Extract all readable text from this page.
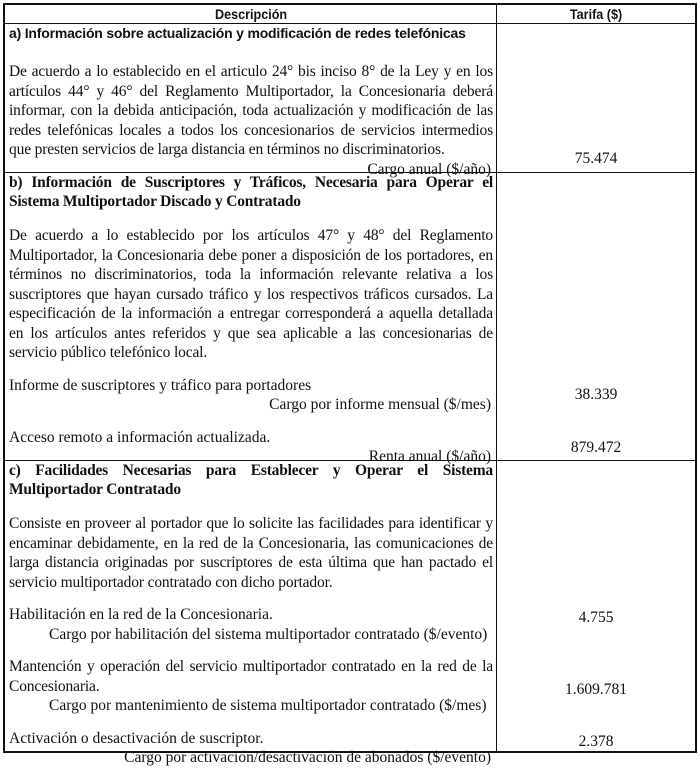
Descripción	Tarifa ($)
a) Información sobre actualización y modificación de redes telefónicas
De acuerdo a lo establecido en el articulo 24° bis inciso 8° de la Ley y en los artículos 44° y 46° del Reglamento Multiportador, la Concesionaria deberá informar, con la debida anticipación, toda actualización y modificación de las redes telefónicas locales a todos los concesionarios de servicios intermedios que presten servicios de larga distancia en términos no discriminatorios.
Cargo anual ($/año)
75.474
b) Información de Suscriptores y Tráficos, Necesaria para Operar el Sistema Multiportador Discado y Contratado
De acuerdo a lo establecido por los artículos 47° y 48° del Reglamento Multiportador, la Concesionaria debe poner a disposición de los portadores, en términos no discriminatorios, toda la información relevante relativa a los suscriptores que hayan cursado tráfico y los respectivos tráficos cursados. La especificación de la información a entregar corresponderá a aquella detallada en los artículos antes referidos y que sea aplicable a las concesionarias de servicio público telefónico local.
Informe de suscriptores y tráfico para portadores
Cargo por informe mensual ($/mes)
Acceso remoto a información actualizada.
Renta anual ($/año)
38.339
879.472
c) Facilidades Necesarias para Establecer y Operar el Sistema Multiportador Contratado
Consiste en proveer al portador que lo solicite las facilidades para identificar y encaminar debidamente, en la red de la Concesionaria, las comunicaciones de larga distancia originadas por suscriptores de esta última que han pactado el servicio multiportador contratado con dicho portador.
Habilitación en la red de la Concesionaria.
Cargo por habilitación del sistema multiportador contratado ($/evento)
Mantención y operación del servicio multiportador contratado en la red de la Concesionaria.
Cargo por mantenimiento de sistema multiportador contratado ($/mes)
Activación o desactivación de suscriptor.
Cargo por activación/desactivación de abonados ($/evento)
4.755
1.609.781
2.378
